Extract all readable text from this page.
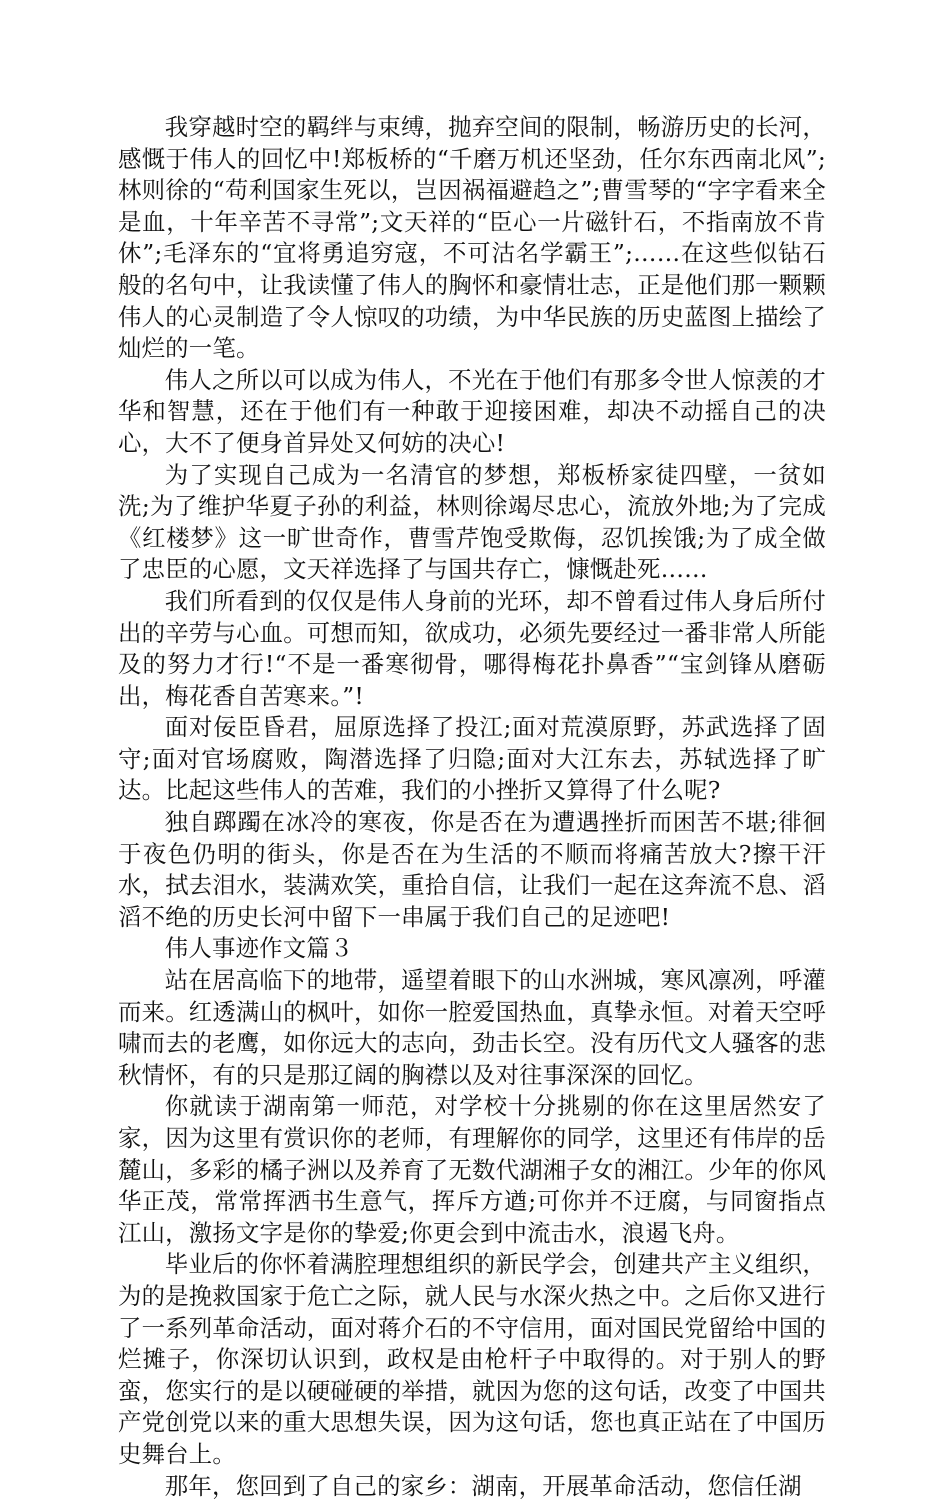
我穿越时空的羁绊与束缚，抛弃空间的限制，畅游历史的长河，感慨于伟人的回忆中!郑板桥的“千磨万机还坚劲，任尔东西南北风”;林则徐的“苟利国家生死以，岂因祸福避趋之”;曹雪琴的“字字看来全是血，十年辛苦不寻常”;文天祥的“臣心一片磁针石，不指南放不肯休”;毛泽东的“宜将勇追穷寇，不可沽名学霸王”;……在这些似钻石般的名句中，让我读懂了伟人的胸怀和豪情壮志，正是他们那一颗颗伟人的心灵制造了令人惊叹的功绩，为中华民族的历史蓝图上描绘了灿烂的一笔。

伟人之所以可以成为伟人，不光在于他们有那多令世人惊羡的才华和智慧，还在于他们有一种敢于迎接困难，却决不动摇自己的决心，大不了便身首异处又何妨的决心!

为了实现自己成为一名清官的梦想，郑板桥家徒四壁，一贫如洗;为了维护华夏子孙的利益，林则徐竭尽忠心，流放外地;为了完成《红楼梦》这一旷世奇作，曹雪芹饱受欺侮，忍饥挨饿;为了成全做了忠臣的心愿，文天祥选择了与国共存亡，慷慨赴死……

我们所看到的仅仅是伟人身前的光环，却不曾看过伟人身后所付出的辛劳与心血。可想而知，欲成功，必须先要经过一番非常人所能及的努力才行!“不是一番寒彻骨，哪得梅花扑鼻香”“宝剑锋从磨砺出，梅花香自苦寒来。”!

面对佞臣昏君，屈原选择了投江;面对荒漠原野，苏武选择了固守;面对官场腐败，陶潜选择了归隐;面对大江东去，苏轼选择了旷达。比起这些伟人的苦难，我们的小挫折又算得了什么呢?

独自踯躅在冰冷的寒夜，你是否在为遭遇挫折而困苦不堪;徘徊于夜色仍明的街头，你是否在为生活的不顺而将痛苦放大?擦干汗水，拭去泪水，装满欢笑，重拾自信，让我们一起在这奔流不息、滔滔不绝的历史长河中留下一串属于我们自己的足迹吧!

伟人事迹作文篇３

站在居高临下的地带，遥望着眼下的山水洲城，寒风凛冽，呼灌而来。红透满山的枫叶，如你一腔爱国热血，真挚永恒。对着天空呼啸而去的老鹰，如你远大的志向，劲击长空。没有历代文人骚客的悲秋情怀，有的只是那辽阔的胸襟以及对往事深深的回忆。

你就读于湖南第一师范，对学校十分挑剔的你在这里居然安了家，因为这里有赏识你的老师，有理解你的同学，这里还有伟岸的岳麓山，多彩的橘子洲以及养育了无数代湖湘子女的湘江。少年的你风华正茂，常常挥洒书生意气，挥斥方遒;可你并不迂腐，与同窗指点江山，激扬文字是你的挚爱;你更会到中流击水，浪遏飞舟。

毕业后的你怀着满腔理想组织的新民学会，创建共产主义组织，为的是挽救国家于危亡之际，就人民与水深火热之中。之后你又进行了一系列革命活动，面对蒋介石的不守信用，面对国民党留给中国的烂摊子，你深切认识到，政权是由枪杆子中取得的。对于别人的野蛮，您实行的是以硬碰硬的举措，就因为您的这句话，改变了中国共产党创党以来的重大思想失误，因为这句话，您也真正站在了中国历史舞台上。

那年，您回到了自己的家乡：湖南，开展革命活动，您信任湖
